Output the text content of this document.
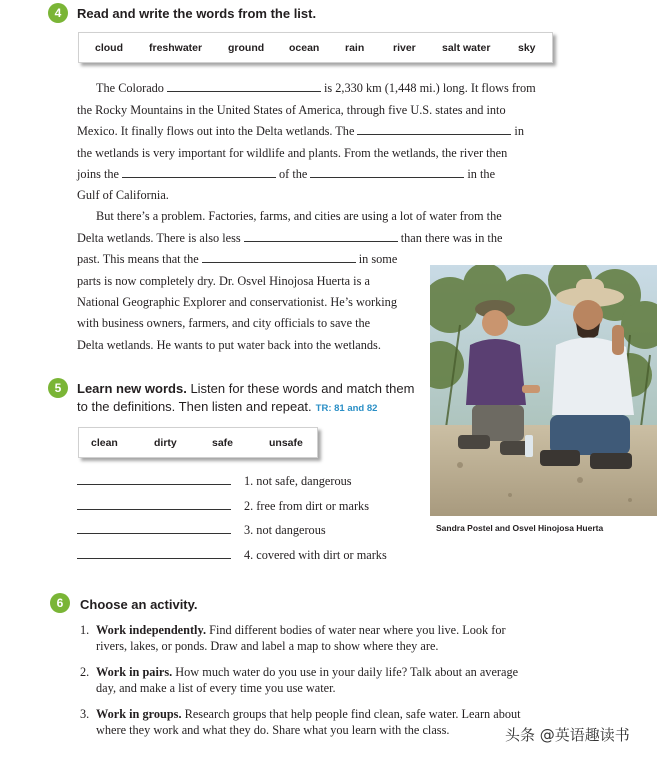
4	Read and write the words from the list.
cloud freshwater ground ocean rain	river salt water	sky
The Colorado	is 2,330 km (1,448 mi.) long. It flows from
the Rocky Mountains in the United States of America, through five U.S. states and into
Mexico. It finally flows out into the Delta wetlands. The	in
the wetlands is very important for wildlife and plants. From the wetlands, the river then
joins the	of the	in the
Gulf of California.
But there’s a problem. Factories, farms, and cities are using a lot of water from the
Delta wetlands. There is also less	than there was in the
past. This means that the	in some
parts is now completely dry. Dr. Osvel Hinojosa Huerta is a
National Geographic Explorer and conservationist. He’s working
with business owners, farmers, and city officials to save the
Delta wetlands. He wants to put water back into the wetlands.
Sandra Postel and Osvel Hinojosa Huerta
5	Learn new words. Listen for these words and match them
to the definitions. Then listen and repeat. TR: 81 and 82
clean	dirty	safe	unsafe
1. not safe, dangerous
2. free from dirt or marks
3. not dangerous
4. covered with dirt or marks
6	Choose an activity.
1. Work independently. Find different bodies of water near where you live. Look for
rivers, lakes, or ponds. Draw and label a map to show where they are.
2. Work in pairs. How much water do you use in your daily life? Talk about an average
day, and make a list of every time you use water.
3. Work in groups. Research groups that help people find clean, safe water. Learn about
where they work and what they do. Share what you learn with the class.	头条 @英语趣读书
